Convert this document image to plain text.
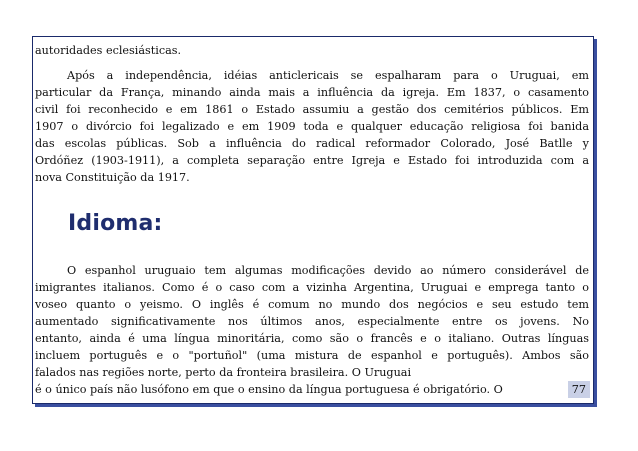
autoridades eclesiásticas.
Após a independência, idéias anticlericais se espalharam para o Uruguai, em
particular da França, minando ainda mais a influência da igreja. Em 1837, o casamento
civil foi reconhecido e em 1861 o Estado assumiu a gestão dos cemitérios públicos. Em
1907 o divórcio foi legalizado e em 1909 toda e qualquer educação religiosa foi banida
das escolas públicas. Sob a influência do radical reformador Colorado, José Batlle y
Ordóñez (1903-1911), a completa separação entre Igreja e Estado foi introduzida com a
nova Constituição da 1917.
Idioma:
O espanhol uruguaio tem algumas modificações devido ao número considerável de
imigrantes italianos. Como é o caso com a vizinha Argentina, Uruguai e emprega tanto o
voseo quanto o yeismo. O inglês é comum no mundo dos negócios e seu estudo tem
aumentado significativamente nos últimos anos, especialmente entre os jovens. No
entanto, ainda é uma língua minoritária, como são o francês e o italiano. Outras línguas
incluem português e o "portuñol" (uma mistura de espanhol e português). Ambos são
falados nas regiões norte, perto da fronteira brasileira. O Uruguai
é o único país não lusófono em que o ensino da língua portuguesa é obrigatório. O	77
